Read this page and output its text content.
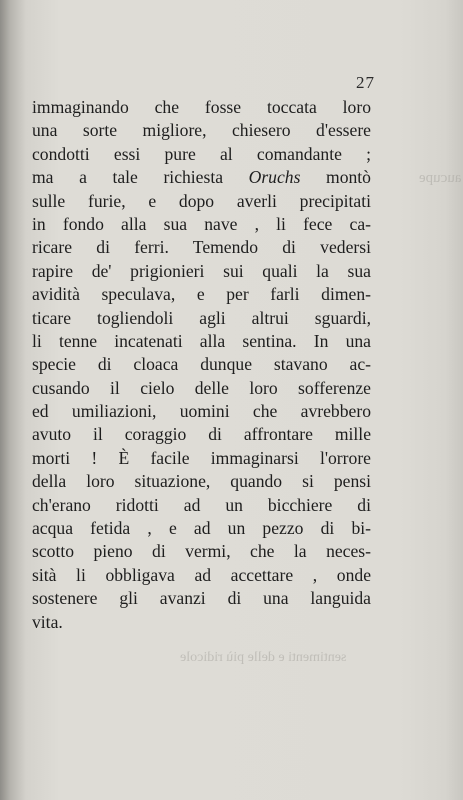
aucupe
sentimenti e delle più ridicole
27
immaginando che fosse toccata loro
una sorte migliore, chiesero d'essere
condotti essi pure al comandante ;
ma a tale richiesta Oruchs montò
sulle furie, e dopo averli precipitati
in fondo alla sua nave , li fece ca-
ricare di ferri. Temendo di vedersi
rapire de' prigionieri sui quali la sua
avidità speculava, e per farli dimen-
ticare togliendoli agli altrui sguardi,
li tenne incatenati alla sentina. In una
specie di cloaca dunque stavano ac-
cusando il cielo delle loro sofferenze
ed umiliazioni, uomini che avrebbero
avuto il coraggio di affrontare mille
morti ! È facile immaginarsi l'orrore
della loro situazione, quando si pensi
ch'erano ridotti ad un bicchiere di
acqua fetida , e ad un pezzo di bi-
scotto pieno di vermi, che la neces-
sità li obbligava ad accettare , onde
sostenere gli avanzi di una languida
vita.
